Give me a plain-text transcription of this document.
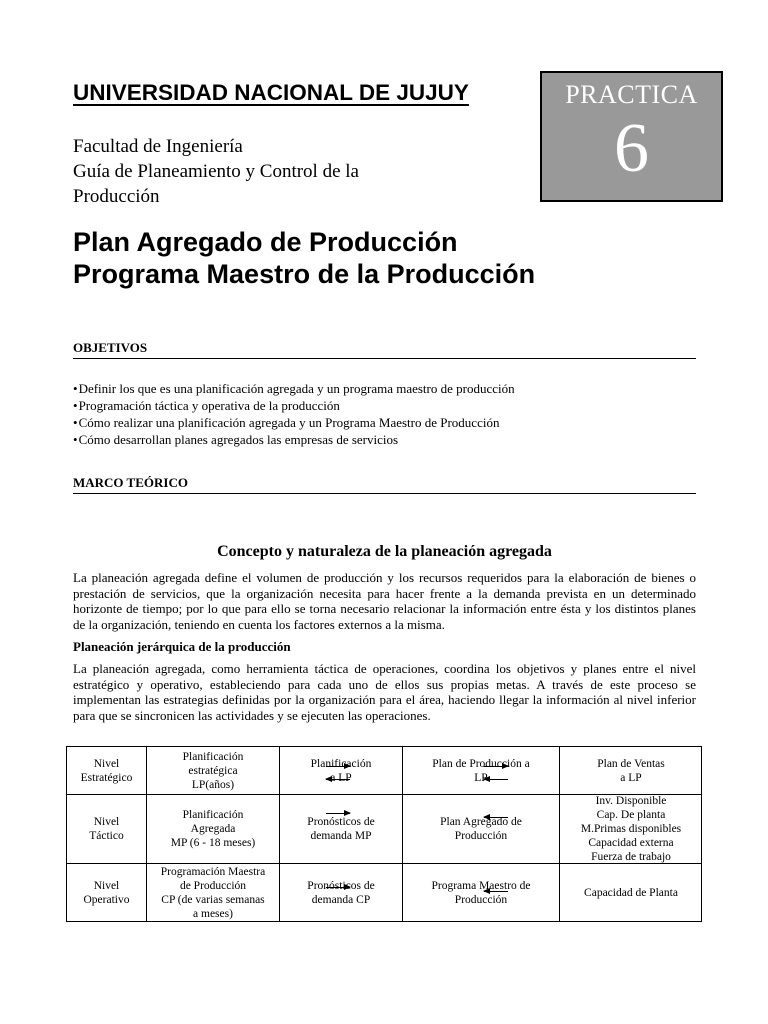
UNIVERSIDAD NACIONAL DE JUJUY
Facultad de Ingeniería
Guía de Planeamiento y Control de la
Producción
PRACTICA
6
Plan Agregado de Producción
Programa Maestro de la Producción
OBJETIVOS
• Definir los que es una planificación agregada y un programa maestro de producción
• Programación táctica y operativa de la producción
• Cómo realizar una planificación agregada y un Programa Maestro de Producción
• Cómo desarrollan planes agregados las empresas de servicios
MARCO TEÓRICO
Concepto y naturaleza de la planeación agregada

La planeación agregada define el volumen de producción y los recursos requeridos para la elaboración de bienes o prestación de servicios, que la organización necesita para hacer frente a la demanda prevista en un determinado horizonte de tiempo; por lo que para ello se torna necesario relacionar la información entre ésta y los distintos planes de la organización, teniendo en cuenta los factores externos a la misma.

Planeación jerárquica de la producción

La planeación agregada, como herramienta táctica de operaciones, coordina los objetivos y planes entre el nivel estratégico y operativo, estableciendo para cada uno de ellos sus propias metas. A través de este proceso se implementan las estrategias definidas por la organización para el área, haciendo llegar la información al nivel inferior para que se sincronicen las actividades y se ejecuten las operaciones.

Nivel
Estratégico
Planificación
estratégica
LP(años)
Planificación
a LP
Plan de Producción a
LP
Plan de Ventas
a LP
Nivel
Táctico
Planificación
Agregada
MP (6 - 18 meses)
Pronósticos de
demanda MP
Plan Agregado de
Producción
Inv. Disponible
Cap. De planta
M.Primas disponibles
Capacidad externa
Fuerza de trabajo
Nivel
Operativo
Programación Maestra
de Producción
CP (de varias semanas
a meses)
Pronósticos de
demanda CP
Programa Maestro de
Producción
Capacidad de Planta
